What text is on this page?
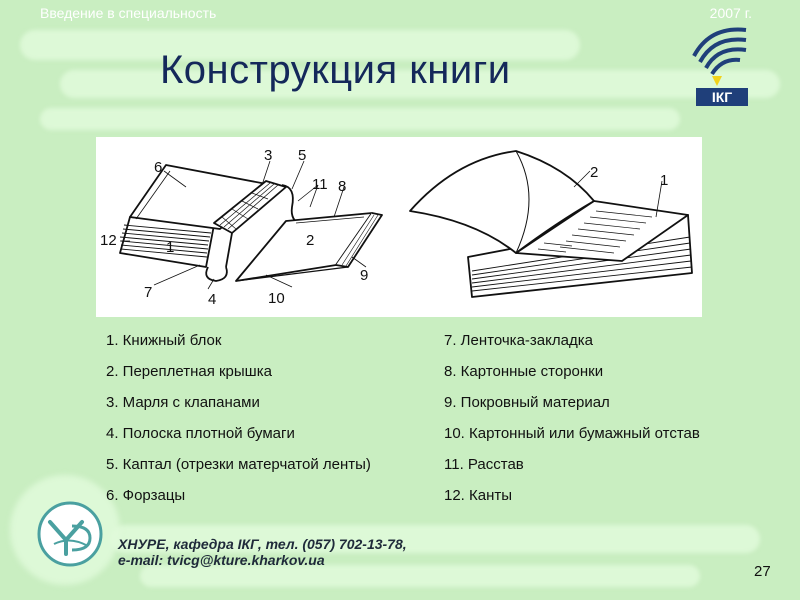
Введение в специальность	2007 г.
Конструкция книги
ІКГ
6
3 5
11 8
12	1	2
9
7	4	10
2	1
1. Книжный блок
2. Переплетная крышка
3. Марля с клапанами
4. Полоска плотной бумаги
5. Каптал (отрезки матерчатой ленты)
6. Форзацы
7. Ленточка-закладка
8. Картонные сторонки
9. Покровный материал
10. Картонный или бумажный отстав
11. Расстав
12. Канты
ХНУРЕ, кафедра ІКГ, тел. (057) 702-13-78,
e-mail: tvicg@kture.kharkov.ua
27
